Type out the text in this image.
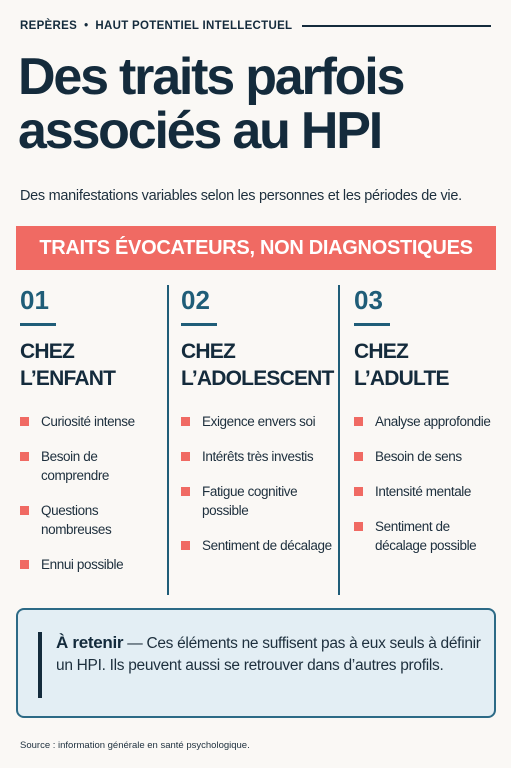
REPÈRES • HAUT POTENTIEL INTELLECTUEL
Des traits parfois
associés au HPI

Des manifestations variables selon les personnes et les périodes de vie.

TRAITS ÉVOCATEURS, NON DIAGNOSTIQUES
01
CHEZ
L’ENFANT
Curiosité intense
Besoin de comprendre
Questions nombreuses
Ennui possible
02
CHEZ
L’ADOLESCENT
Exigence envers soi
Intérêts très investis
Fatigue cognitive possible
Sentiment de décalage
03
CHEZ
L’ADULTE
Analyse approfondie
Besoin de sens
Intensité mentale
Sentiment de décalage possible

À retenir — Ces éléments ne suffisent pas à eux seuls à définir un HPI. Ils peuvent aussi se retrouver dans d’autres profils.

Source : information générale en santé psychologique.
